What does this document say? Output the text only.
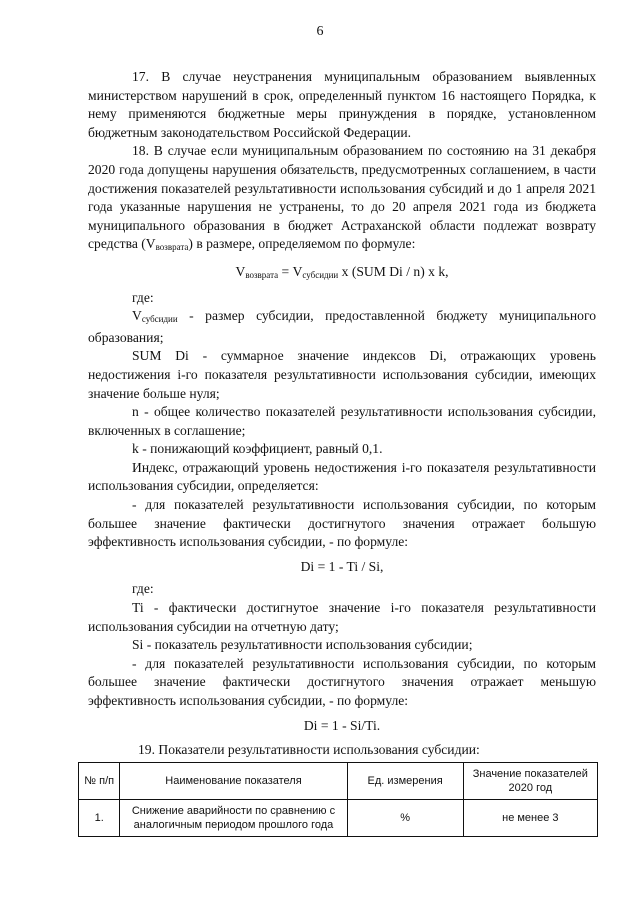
6

17. В случае неустранения муниципальным образованием выявленных министерством нарушений в срок, определенный пунктом 16 настоящего Порядка, к нему применяются бюджетные меры принуждения в порядке, установленном бюджетным законодательством Российской Федерации.

18. В случае если муниципальным образованием по состоянию на 31 декабря 2020 года допущены нарушения обязательств, предусмотренных соглашением, в части достижения показателей результативности использования субсидий и до 1 апреля 2021 года указанные нарушения не устранены, то до 20 апреля 2021 года из бюджета муниципального образования в бюджет Астраханской области подлежат возврату средства $(V_{возврата})$ в размере, определяемом по формуле:

$V_{возврата} = V_{субсидии}$ x (SUM Di / n) x k,

где:

$V_{субсидии}$ - размер субсидии, предоставленной бюджету муниципального образования;

SUM Di - суммарное значение индексов Di, отражающих уровень недостижения i-го показателя результативности использования субсидии, имеющих значение больше нуля;

n - общее количество показателей результативности использования субсидии, включенных в соглашение;

k - понижающий коэффициент, равный 0,1.

Индекс, отражающий уровень недостижения i-го показателя результативности использования субсидии, определяется:

- для показателей результативности использования субсидии, по которым большее значение фактически достигнутого значения отражает большую эффективность использования субсидии, - по формуле:

Di = 1 - Ti / Si,

где:

Ti - фактически достигнутое значение i-го показателя результативности использования субсидии на отчетную дату;

Si - показатель результативности использования субсидии;

- для показателей результативности использования субсидии, по которым большее значение фактически достигнутого значения отражает меньшую эффективность использования субсидии, - по формуле:

Di = 1 - Si/Ti.

19. Показатели результативности использования субсидии:

№ п/п	Наименование показателя	Ед. измерения	Значение показателей 2020 год
1.	Снижение аварийности по сравнению с аналогичным периодом прошлого года	%	не менее 3
